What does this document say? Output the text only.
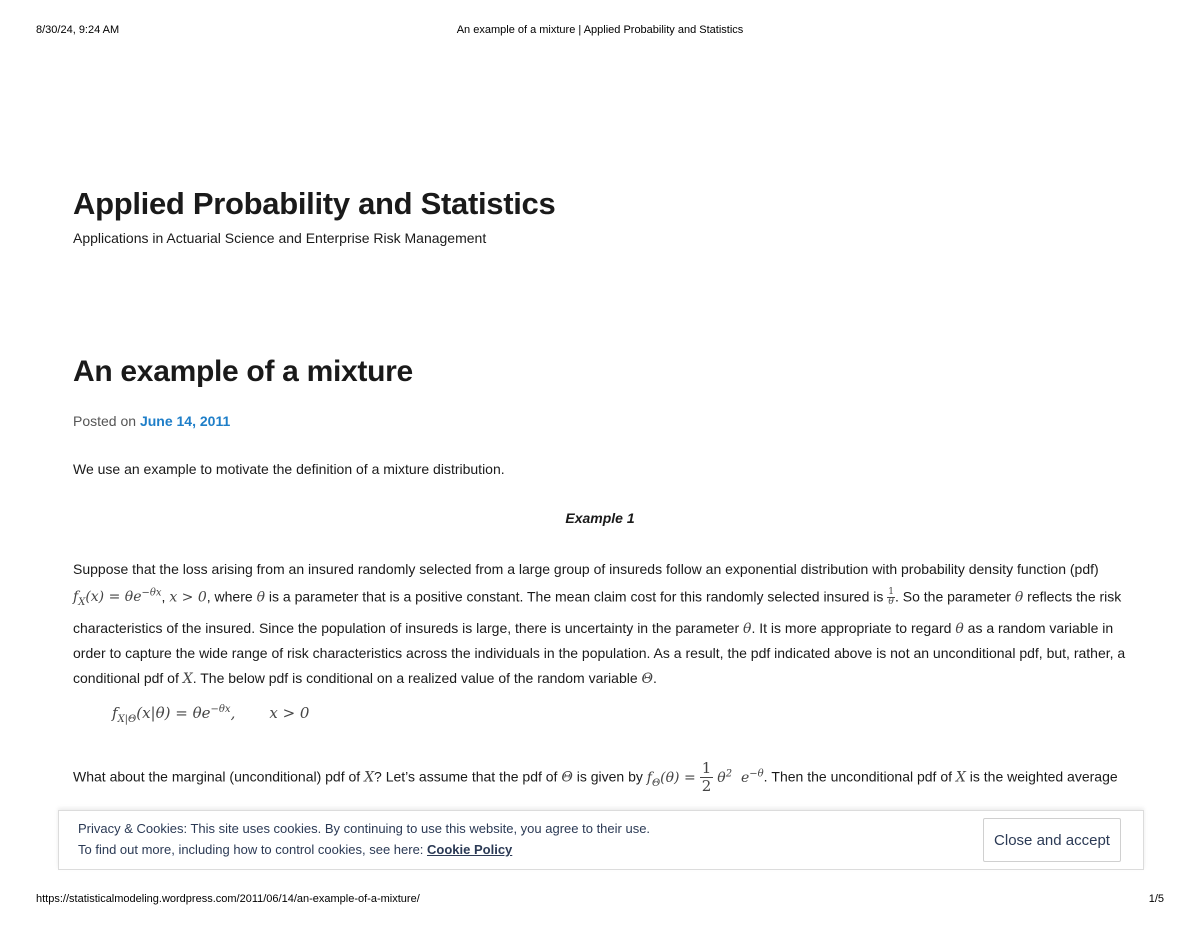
8/30/24, 9:24 AM	An example of a mixture | Applied Probability and Statistics
Applied Probability and Statistics
Applications in Actuarial Science and Enterprise Risk Management
An example of a mixture
Posted on June 14, 2011
We use an example to motivate the definition of a mixture distribution.
Example 1
Suppose that the loss arising from an insured randomly selected from a large group of insureds follow an exponential distribution with probability density function (pdf) $f_X(x) = \theta e^{-\theta x}$, x > 0, where θ is a parameter that is a positive constant. The mean claim cost for this randomly selected insured is $\frac{1}{\theta}$ . So the parameter θ reflects the risk characteristics of the insured. Since the population of insureds is large, there is uncertainty in the parameter θ. It is more appropriate to regard θ as a random variable in order to capture the wide range of risk characteristics across the individuals in the population. As a result, the pdf indicated above is not an unconditional pdf, but, rather, a conditional pdf of X. The below pdf is conditional on a realized value of the random variable Θ.
$f_{X|\Theta}(x|\theta) = \theta e^{-\theta x}$, x > 0
What about the marginal (unconditional) pdf of X? Let’s assume that the pdf of Θ is given by $f_\Theta(\theta) = \frac{1}{2} \theta^2$  $e^{-\theta}$. Then the unconditional pdf of X is the weighted average
Privacy & Cookies: This site uses cookies. By continuing to use this website, you agree to their use.
To find out more, including how to control cookies, see here: Cookie Policy
Close and accept
https://statisticalmodeling.wordpress.com/2011/06/14/an-example-of-a-mixture/	1/5
